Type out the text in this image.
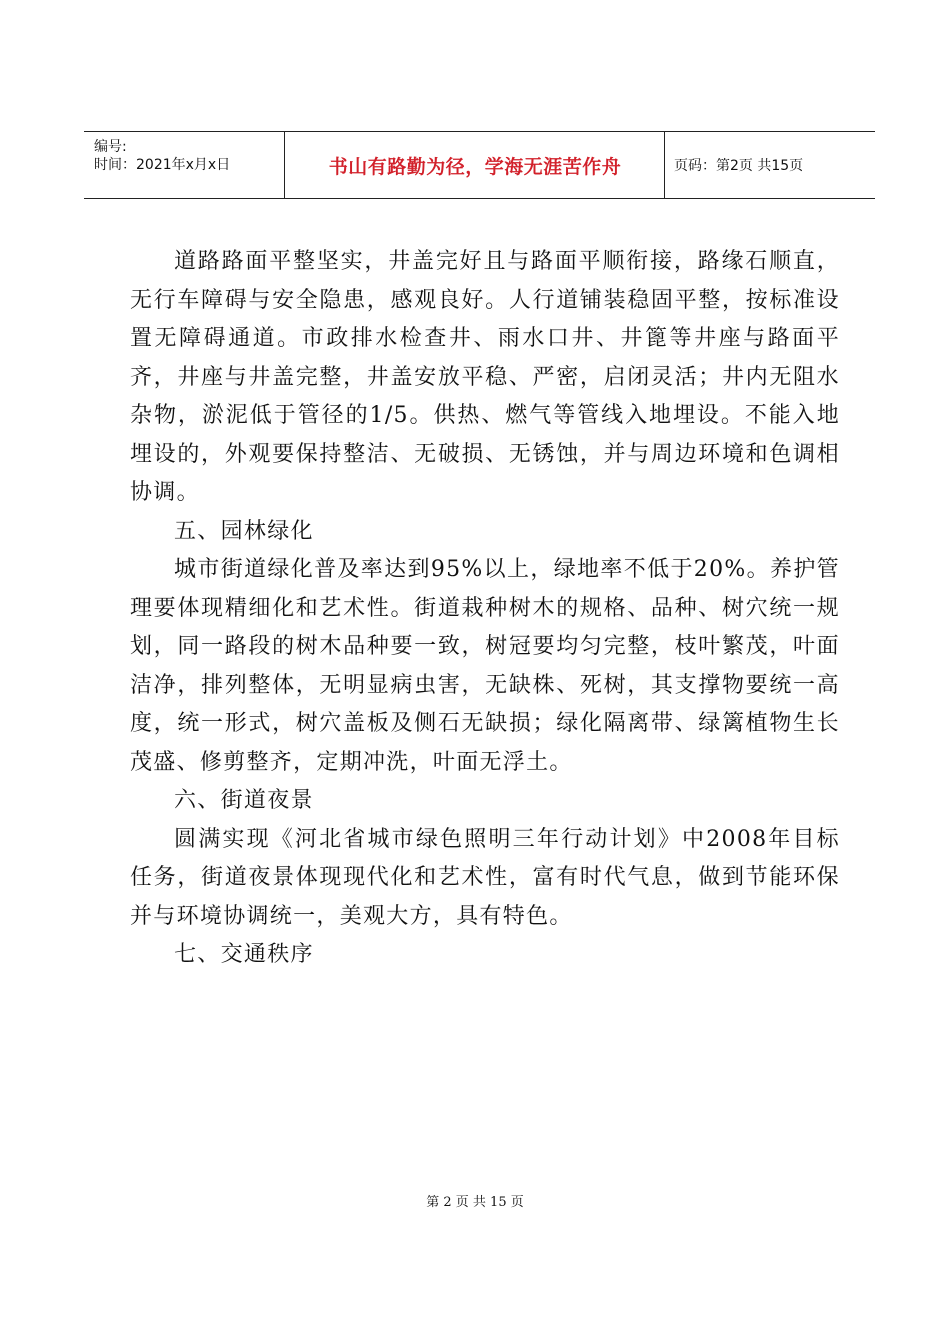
编号:
时间：2021年x月x日	书山有路勤为径，学海无涯苦作舟	页码：第2页 共15页

道路路面平整坚实，井盖完好且与路面平顺衔接，路缘石顺直，无行车障碍与安全隐患，感观良好。人行道铺装稳固平整，按标准设置无障碍通道。市政排水检查井、雨水口井、井篦等井座与路面平齐，井座与井盖完整，井盖安放平稳、严密，启闭灵活；井内无阻水杂物，淤泥低于管径的1/5。供热、燃气等管线入地埋设。不能入地埋设的，外观要保持整洁、无破损、无锈蚀，并与周边环境和色调相协调。

五、园林绿化

城市街道绿化普及率达到95%以上，绿地率不低于20%。养护管理要体现精细化和艺术性。街道栽种树木的规格、品种、树穴统一规划，同一路段的树木品种要一致，树冠要均匀完整，枝叶繁茂，叶面洁净，排列整体，无明显病虫害，无缺株、死树，其支撑物要统一高度，统一形式，树穴盖板及侧石无缺损；绿化隔离带、绿篱植物生长茂盛、修剪整齐，定期冲洗，叶面无浮土。

六、街道夜景

圆满实现《河北省城市绿色照明三年行动计划》中2008年目标任务，街道夜景体现现代化和艺术性，富有时代气息，做到节能环保并与环境协调统一，美观大方，具有特色。

七、交通秩序

第 2 页 共 15 页
